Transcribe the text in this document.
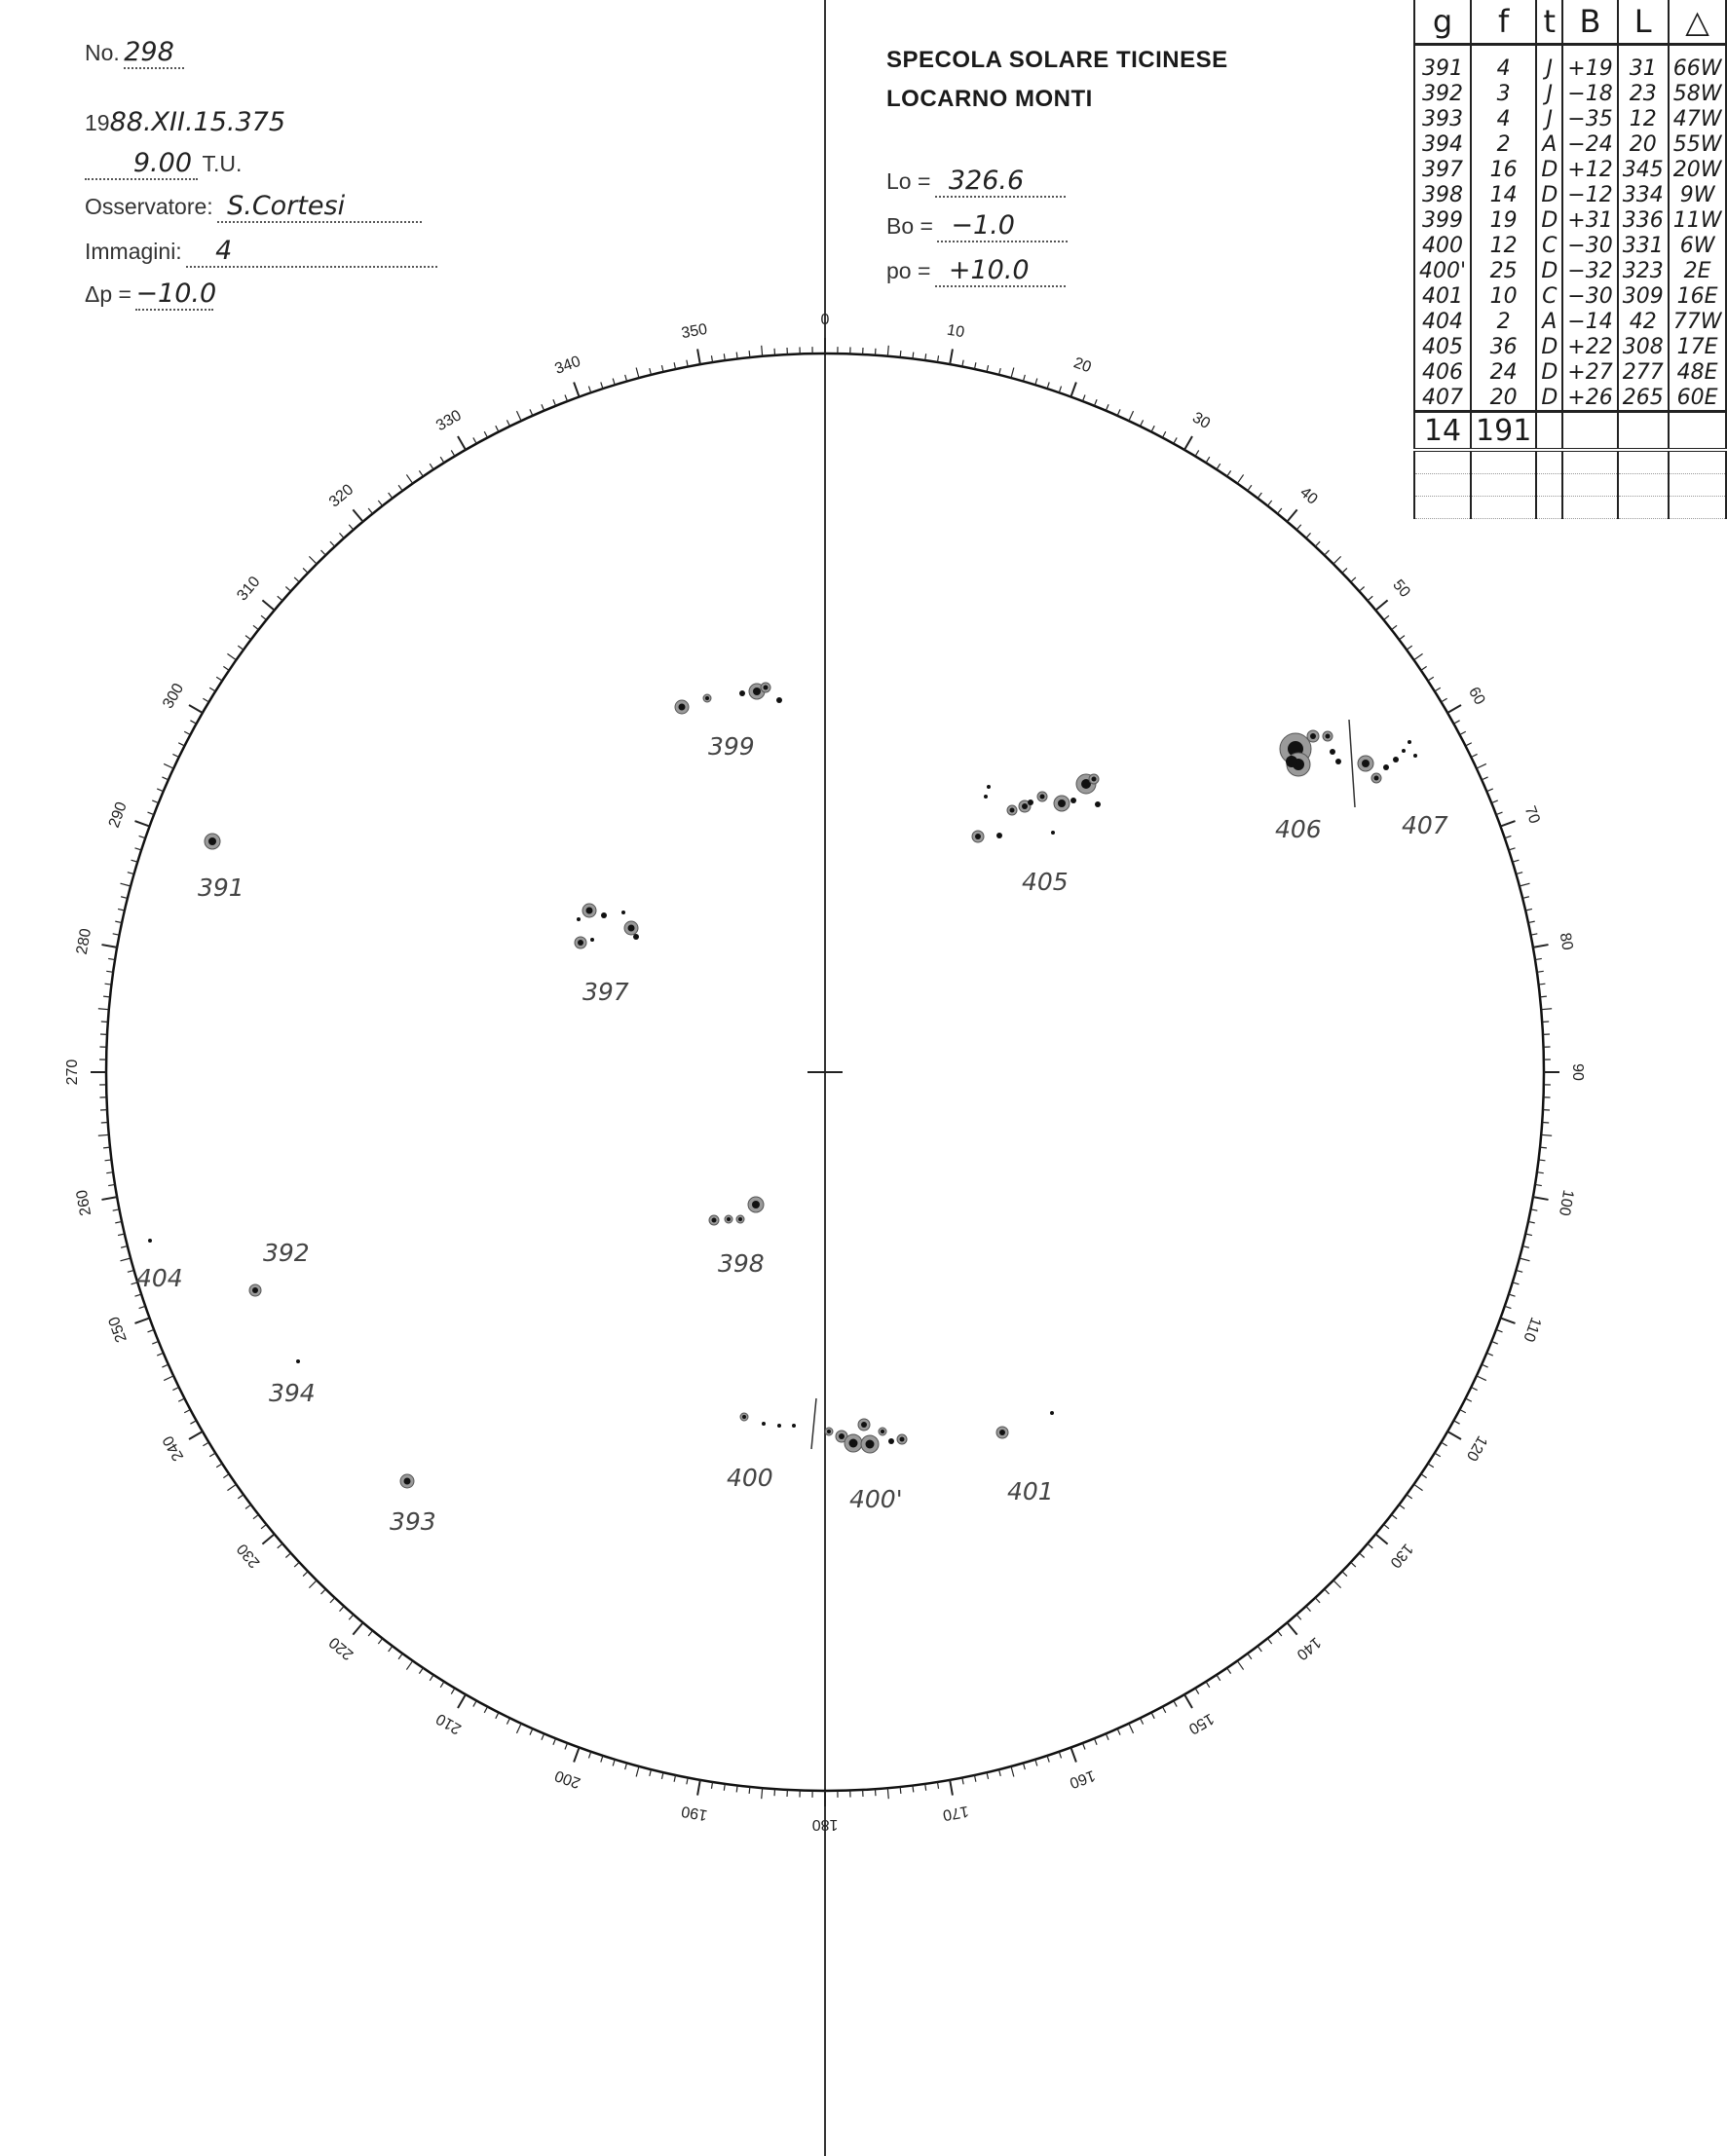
No. 298
1988.XII.15.375
9.00 T.U.
Osservatore: S.Cortesi
Immagini: 4
Δp = −10.0
SPECOLA SOLARE TICINESE
LOCARNO MONTI
Lo = 326.6
Bo = −1.0
po = +10.0
g	f	t	B	L	△
391	4	J	+19	31	66W
392	3	J	−18	23	58W
393	4	J	−35	12	47W
394	2	A	−24	20	55W
397	16	D	+12	345	20W
398	14	D	−12	334	9W
399	19	D	+31	336	11W
400	12	C	−30	331	6W
400'	25	D	−32	323	2E
401	10	C	−30	309	16E
404	2	A	−14	42	77W
405	36	D	+22	308	17E
406	24	D	+27	277	48E
407	20	D	+26	265	60E
14	191				

0
10
20
30
40
50
60
70
80
90
100
110
120
130
140
150
160
170
180
190
200
210
220
230
240
250
260
270
280
290
300
310
320
330
340
350
391
392
393
394
397
398
399
400
400'	401
404
405
406	407
